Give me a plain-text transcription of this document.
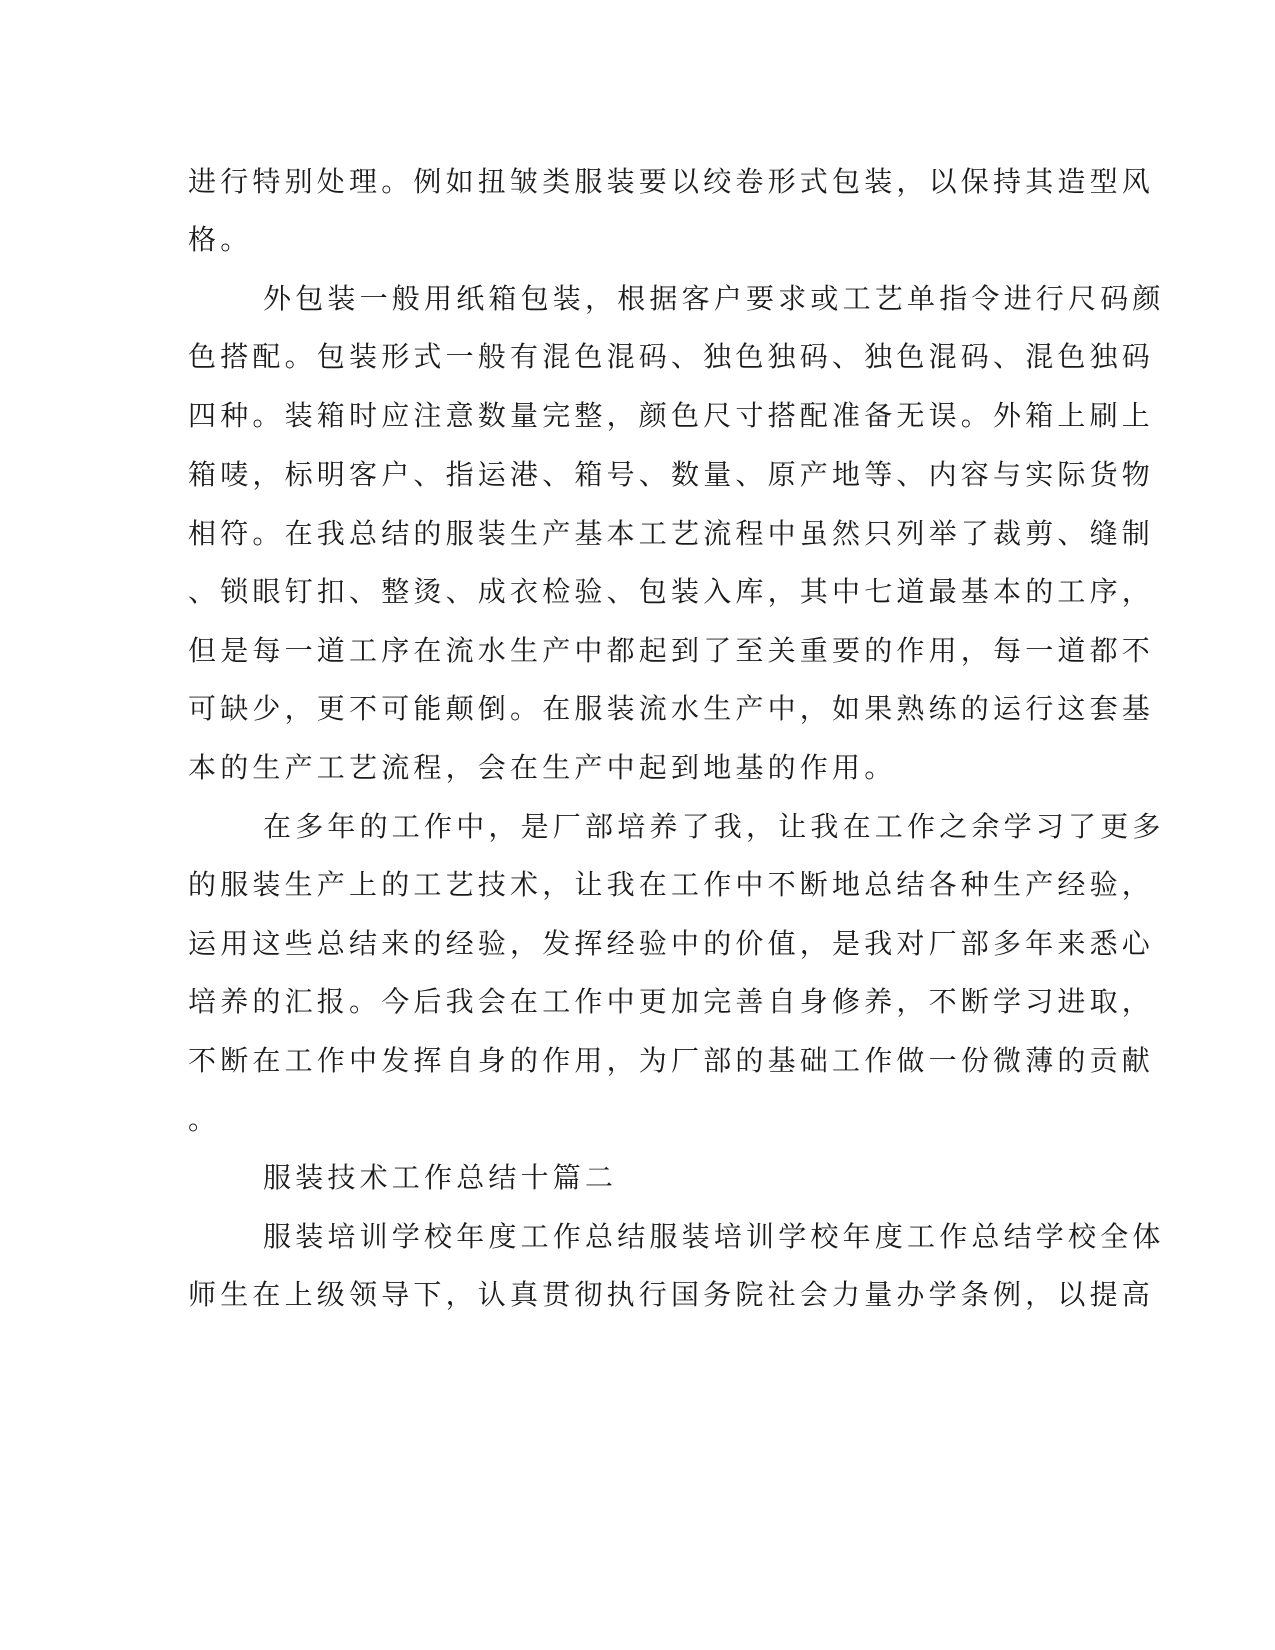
进行特别处理。例如扭皱类服装要以绞卷形式包装，以保持其造型风
格。
外包装一般用纸箱包装，根据客户要求或工艺单指令进行尺码颜
色搭配。包装形式一般有混色混码、独色独码、独色混码、混色独码
四种。装箱时应注意数量完整，颜色尺寸搭配准备无误。外箱上刷上
箱唛，标明客户、指运港、箱号、数量、原产地等、内容与实际货物
相符。在我总结的服装生产基本工艺流程中虽然只列举了裁剪、缝制
、锁眼钉扣、整烫、成衣检验、包装入库，其中七道最基本的工序，
但是每一道工序在流水生产中都起到了至关重要的作用，每一道都不
可缺少，更不可能颠倒。在服装流水生产中，如果熟练的运行这套基
本的生产工艺流程，会在生产中起到地基的作用。
在多年的工作中，是厂部培养了我，让我在工作之余学习了更多
的服装生产上的工艺技术，让我在工作中不断地总结各种生产经验，
运用这些总结来的经验，发挥经验中的价值，是我对厂部多年来悉心
培养的汇报。今后我会在工作中更加完善自身修养，不断学习进取，
不断在工作中发挥自身的作用，为厂部的基础工作做一份微薄的贡献
。
服装技术工作总结十篇二
服装培训学校年度工作总结服装培训学校年度工作总结学校全体
师生在上级领导下，认真贯彻执行国务院社会力量办学条例，以提高
